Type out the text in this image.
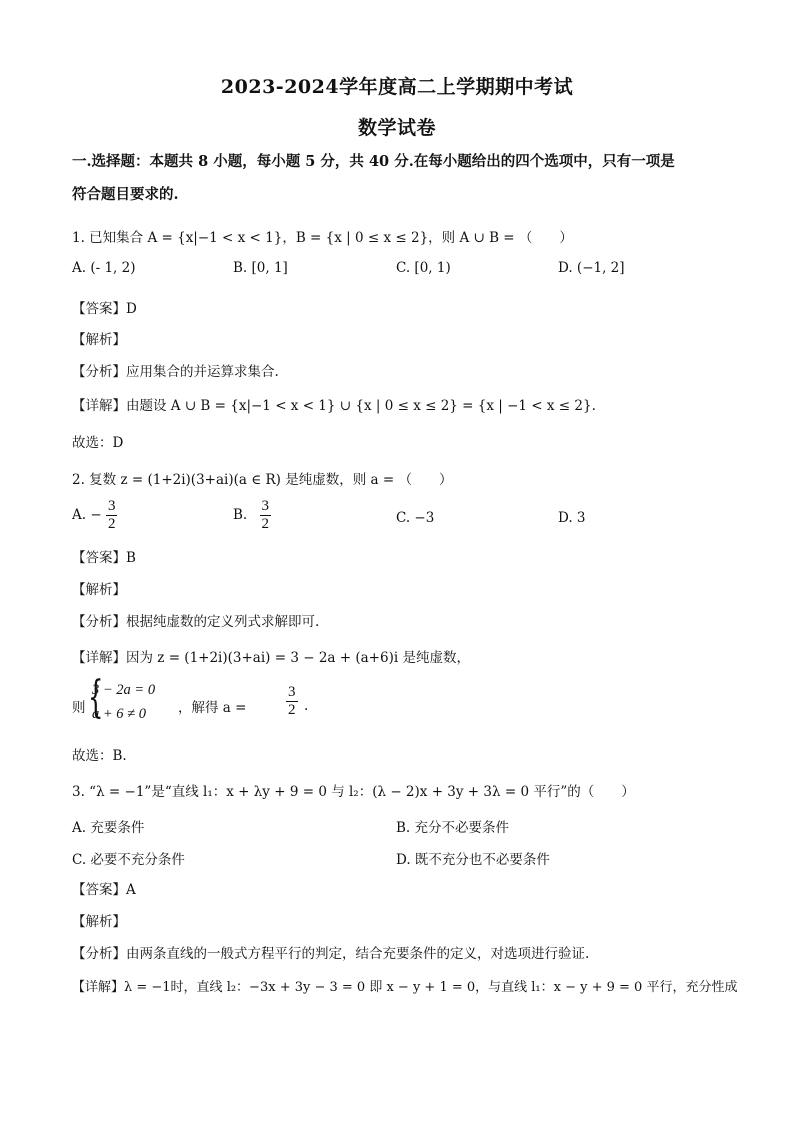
2023-2024学年度高二上学期期中考试
数学试卷
一.选择题：本题共 8 小题，每小题 5 分，共 40 分.在每小题给出的四个选项中，只有一项是
符合题目要求的.
1. 已知集合 A = {x|−1 < x < 1}，B = {x | 0 ≤ x ≤ 2}，则 A ∪ B = （　　）
A. (- 1, 2)	B. [0, 1]	C. [0, 1)	D. (−1, 2]
【答案】D
【解析】
【分析】应用集合的并运算求集合.
【详解】由题设 A ∪ B = {x|−1 < x < 1} ∪ {x | 0 ≤ x ≤ 2} = {x | −1 < x ≤ 2}.
故选：D
2. 复数 z = (1+2i)(3+ai)(a ∈ R) 是纯虚数，则 a = （　　）
A. − $\frac{3}{2}$	B. $\frac{3}{2}$	C. −3	D. 3
【答案】B
【解析】
【分析】根据纯虚数的定义列式求解即可.
【详解】因为 z = (1+2i)(3+ai) = 3 − 2a + (a+6)i 是纯虚数，
则 {
3 − 2a = 0
a + 6 ≠ 0 ，解得 a =	$\frac{3}{2}$ .
故选：B.
3. “λ = −1”是“直线 l₁：x + λy + 9 = 0 与 l₂：(λ − 2)x + 3y + 3λ = 0 平行”的（　　）
A. 充要条件	B. 充分不必要条件
C. 必要不充分条件	D. 既不充分也不必要条件
【答案】A
【解析】
【分析】由两条直线的一般式方程平行的判定，结合充要条件的定义，对选项进行验证.
【详解】λ = −1时，直线 l₂：−3x + 3y − 3 = 0 即 x − y + 1 = 0，与直线 l₁：x − y + 9 = 0 平行，充分性成
